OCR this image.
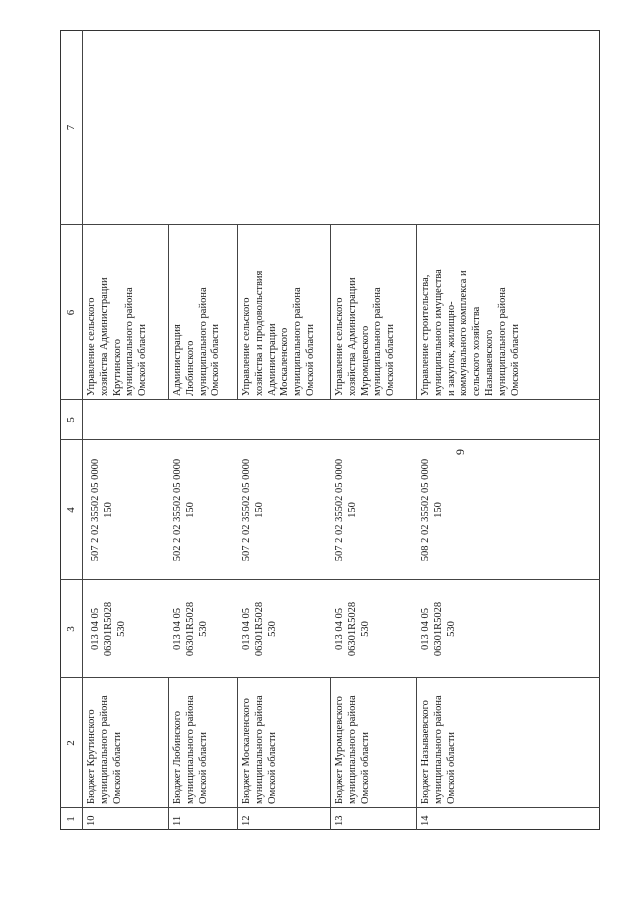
9
1
2
3
4
5
6
7
10
Бюджет Крутинского
муниципального района
Омской области
013 04 05
06301R5028
530
507 2 02 35502 05 0000
150
Управление сельского
хозяйства Администрации
Крутинского
муниципального района
Омской области
11
Бюджет Любинского
муниципального района
Омской области
013 04 05
06301R5028
530
502 2 02 35502 05 0000
150
Администрация
Любинского
муниципального района
Омской области
12
Бюджет Москаленского
муниципального района
Омской области
013 04 05
06301R5028
530
507 2 02 35502 05 0000
150
Управление сельского
хозяйства и продовольствия
Администрации
Москаленского
муниципального района
Омской области
13
Бюджет Муромцевского
муниципального района
Омской области
013 04 05
06301R5028
530
507 2 02 35502 05 0000
150
Управление сельского
хозяйства Администрации
Муромцевского
муниципального района
Омской области
14
Бюджет Называевского
муниципального района
Омской области
013 04 05
06301R5028
530
508 2 02 35502 05 0000
150
Управление строительства,
муниципального имущества
и закупок, жилищно-
коммунального комплекса и
сельского хозяйства
Называевского
муниципального района
Омской области
